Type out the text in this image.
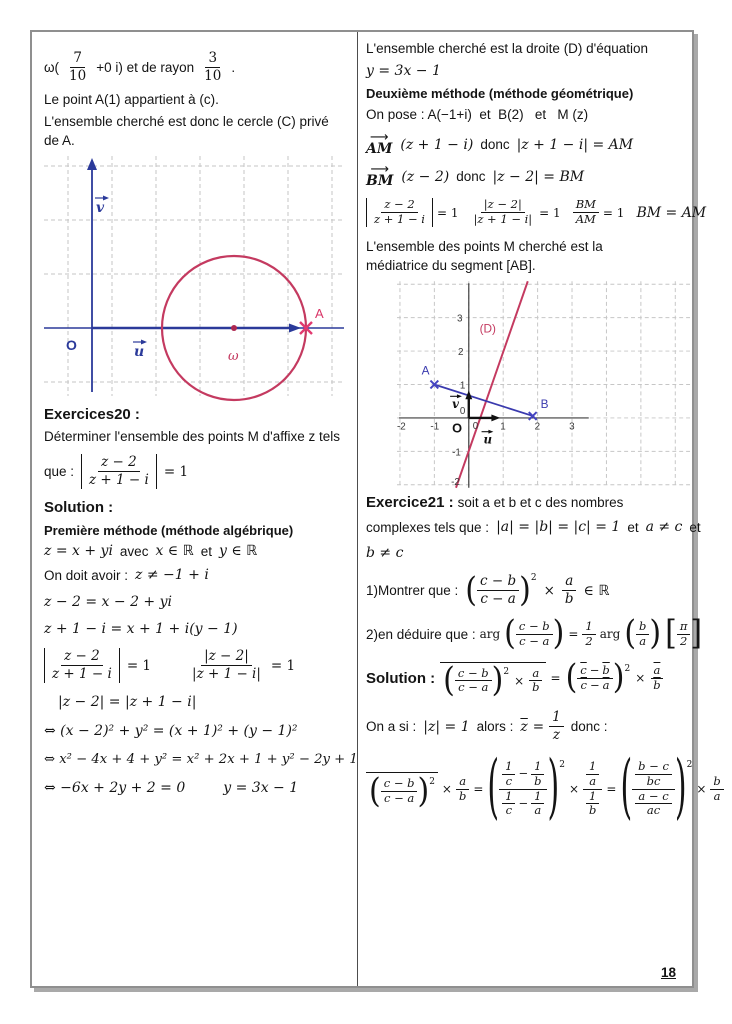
$\omega( \frac{7}{10} +0$ i) et de rayon $\frac{3}{10}$ .
Le point A(1) appartient à (c).
L'ensemble cherché est donc le cercle (C) privé de A.
O	u
v
ω
A
Exercices20 :
Déterminer l'ensemble des points M d'affixe z tels
que : $\frac{z - 2}{z + 1 - i} = 1$
Solution :
Première méthode (méthode algébrique)
z = x + yi avec x ∈ ℝ et y ∈ ℝ
On doit avoir : z ≠ −1 + i
z − 2 = x − 2 + yi
z + 1 − i = x + 1 + i(y − 1)
$\frac{z - 2}{z + 1 - i} = 1$	$\frac{|z - 2|}{|z + 1 - i|} = 1$
|z − 2| = |z + 1 − i|
⇔ (x − 2)² + y² = (x + 1)² + (y − 1)²
⇔ x² − 4x + 4 + y² = x² + 2x + 1 + y² − 2y + 1
⇔ −6x + 2y + 2 = 0	y = 3x − 1
L'ensemble cherché est la droite (D) d'équation
y = 3x − 1
Deuxième méthode (méthode géométrique)
On pose : A(−1+i)  et  B(2)   et   M (z)
⟶
AM (z + 1 − i) donc |z + 1 − i| = AM
⟶
BM (z − 2) donc |z − 2| = BM
$\frac{z - 2}{z + 1 - i} = 1 \frac{|z - 2|}{|z + 1 - i|} = 1 \frac{BM}{AM} = 1$ BM = AM
L'ensemble des points M cherché est la
médiatrice du segment [AB].
(D)
A
B
O
u
v
-2 -1	0 1	2	3
3
2
1
0
-1
-2
Exercice21 : soit a et b et c des nombres
complexes tels que : |a| = |b| = |c| = 1 et a ≠ c et
b ≠ c
1)Montrer que : ( $\frac{c - b}{c - a}$ ) 2
× $\frac{a}{b}$ ∈ ℝ
2)en déduire que : arg ( $\frac{c - b}{c - a}$ ) = $\frac{1}{2}$ arg ( $\frac{b}{a}$ ) [ $\frac{\pi}{2}$ ]
Solution : ( $\frac{c - b}{c - a}$ ) 2
× $\frac{a}{b}$ = ( $\frac{\overline{c} - \overline{b}}{\overline{c} - \overline{a}}$ ) 2
× $\frac{\overline{a}}{b}$
On a si : |z| = 1 alors : $\overline{z} = \frac{1}{z}$ donc :
( $\frac{c - b}{c - a}$ ) $2 \times \frac{a}{b}$ = ( $\frac{\frac{1}{c} - \frac{1}{b}}{\frac{1}{c} - \frac{1}{a}}$ ) 2
× $\frac{\frac{1}{a}}{\frac{1}{b}}$ = ( $\frac{\frac{b - c}{bc}}{\frac{a - c}{ac}}$ ) 2
× $\frac{b}{a}$
18
